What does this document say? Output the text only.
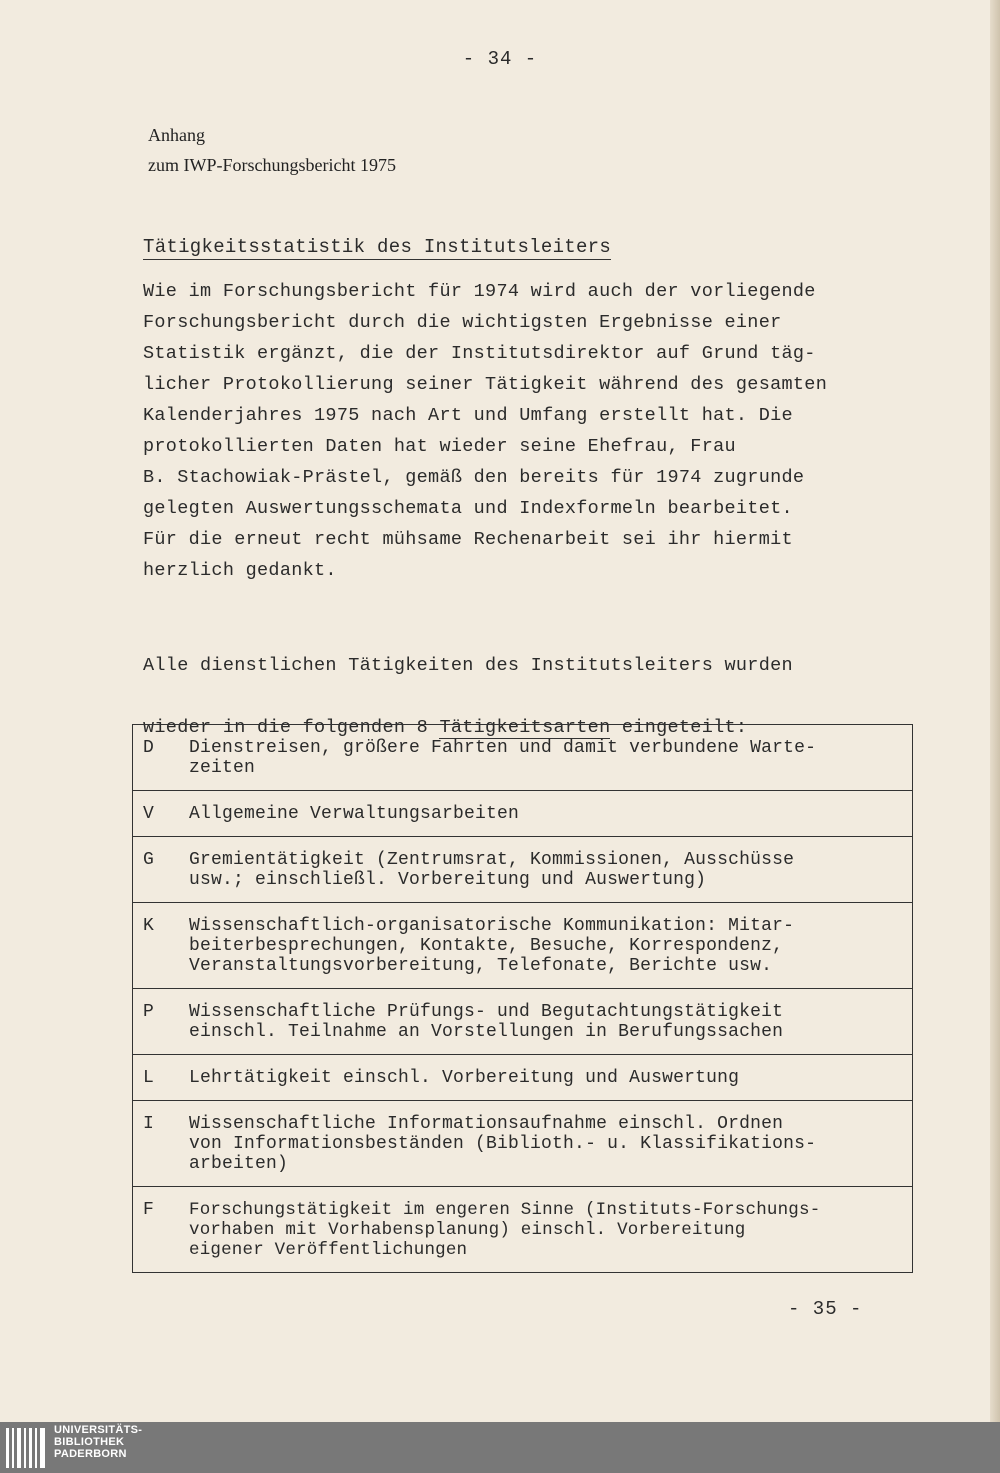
- 34 -
Anhang
zum IWP-Forschungsbericht 1975
Tätigkeitsstatistik des Institutsleiters
Wie im Forschungsbericht für 1974 wird auch der vorliegende
Forschungsbericht durch die wichtigsten Ergebnisse einer
Statistik ergänzt, die der Institutsdirektor auf Grund täg-
licher Protokollierung seiner Tätigkeit während des gesamten
Kalenderjahres 1975 nach Art und Umfang erstellt hat. Die
protokollierten Daten hat wieder seine Ehefrau, Frau
B. Stachowiak-Prästel, gemäß den bereits für 1974 zugrunde
gelegten Auswertungsschemata und Indexformeln bearbeitet.
Für die erneut recht mühsame Rechenarbeit sei ihr hiermit
herzlich gedankt.

Alle dienstlichen Tätigkeiten des Institutsleiters wurden

wieder in die folgenden 8 Tätigkeitsarten eingeteilt:

D	Dienstreisen, größere Fahrten und damit verbundene Warte-
zeiten
V	Allgemeine Verwaltungsarbeiten
G	Gremientätigkeit (Zentrumsrat, Kommissionen, Ausschüsse
usw.; einschließl. Vorbereitung und Auswertung)
K	Wissenschaftlich-organisatorische Kommunikation: Mitar-
beiterbesprechungen, Kontakte, Besuche, Korrespondenz,
Veranstaltungsvorbereitung, Telefonate, Berichte usw.
P	Wissenschaftliche Prüfungs- und Begutachtungstätigkeit
einschl. Teilnahme an Vorstellungen in Berufungssachen
L	Lehrtätigkeit einschl. Vorbereitung und Auswertung
I	Wissenschaftliche Informationsaufnahme einschl. Ordnen
von Informationsbeständen (Biblioth.- u. Klassifikations-
arbeiten)
F	Forschungstätigkeit im engeren Sinne (Instituts-Forschungs-
vorhaben mit Vorhabensplanung) einschl. Vorbereitung
eigener Veröffentlichungen
- 35 -
UNIVERSITÄTS-
BIBLIOTHEK
PADERBORN
